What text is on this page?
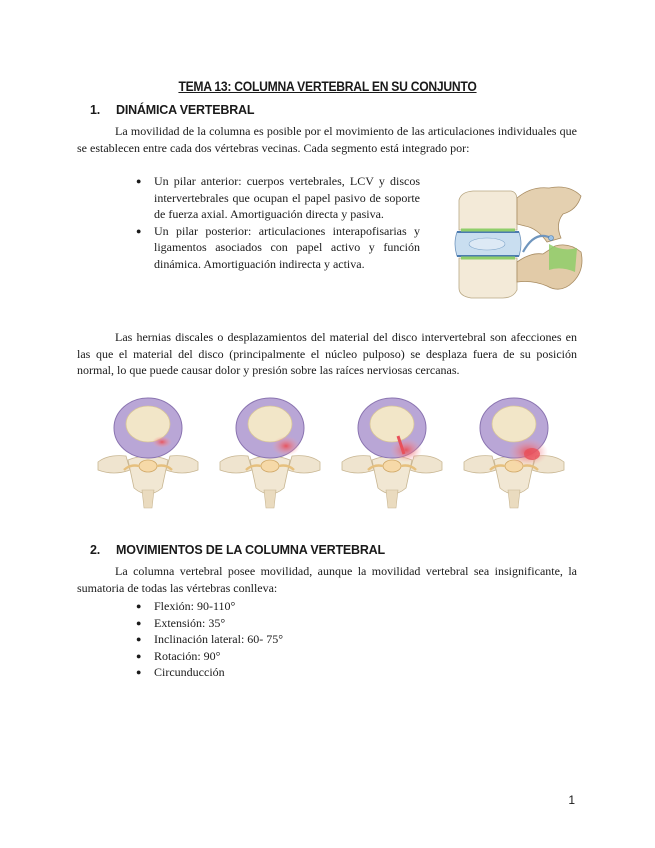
TEMA 13: COLUMNA VERTEBRAL EN SU CONJUNTO
1. DINÁMICA VERTEBRAL

La movilidad de la columna es posible por el movimiento de las articulaciones individuales que se establecen entre cada dos vértebras vecinas. Cada segmento está integrado por:

● Un pilar anterior: cuerpos vertebrales, LCV y discos intervertebrales que ocupan el papel pasivo de soporte de fuerza axial. Amortiguación directa y pasiva.
● Un pilar posterior: articulaciones interapofisarias y ligamentos asociados con papel activo y función dinámica. Amortiguación indirecta y activa.

Las hernias discales o desplazamientos del material del disco intervertebral son afecciones en las que el material del disco (principalmente el núcleo pulposo) se desplaza fuera de su posición normal, lo que puede causar dolor y presión sobre las raíces nerviosas cercanas.

2. MOVIMIENTOS DE LA COLUMNA VERTEBRAL

La columna vertebral posee movilidad, aunque la movilidad vertebral sea insignificante, la sumatoria de todas las vértebras conlleva:

● Flexión: 90-110°
● Extensión: 35°
● Inclinación lateral: 60- 75°
● Rotación: 90°
● Circunducción
1
